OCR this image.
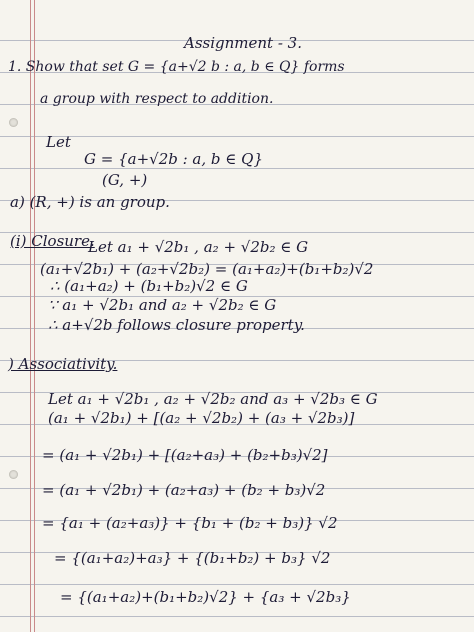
Assignment - 3.
1. Show that set G = {a+√2 b : a, b ∈ Q} forms
a group with respect to addition.
Let
G = {a+√2b : a, b ∈ Q}
(G, +)
a) (R, +) is an group.
(i) Closure.
Let a₁ + √2b₁ , a₂ + √2b₂ ∈ G
(a₁+√2b₁) + (a₂+√2b₂) = (a₁+a₂)+(b₁+b₂)√2
∴ (a₁+a₂) + (b₁+b₂)√2 ∈ G
∵ a₁ + √2b₁ and a₂ + √2b₂ ∈ G
∴ a+√2b follows closure property.
) Associativity.
Let a₁ + √2b₁ , a₂ + √2b₂ and a₃ + √2b₃ ∈ G
(a₁ + √2b₁) + [(a₂ + √2b₂) + (a₃ + √2b₃)]
= (a₁ + √2b₁) + [(a₂+a₃) + (b₂+b₃)√2]
= (a₁ + √2b₁) + (a₂+a₃) + (b₂ + b₃)√2
= {a₁ + (a₂+a₃)} + {b₁ + (b₂ + b₃)} √2
= {(a₁+a₂)+a₃} + {(b₁+b₂) + b₃} √2
= {(a₁+a₂)+(b₁+b₂)√2} + {a₃ + √2b₃}
